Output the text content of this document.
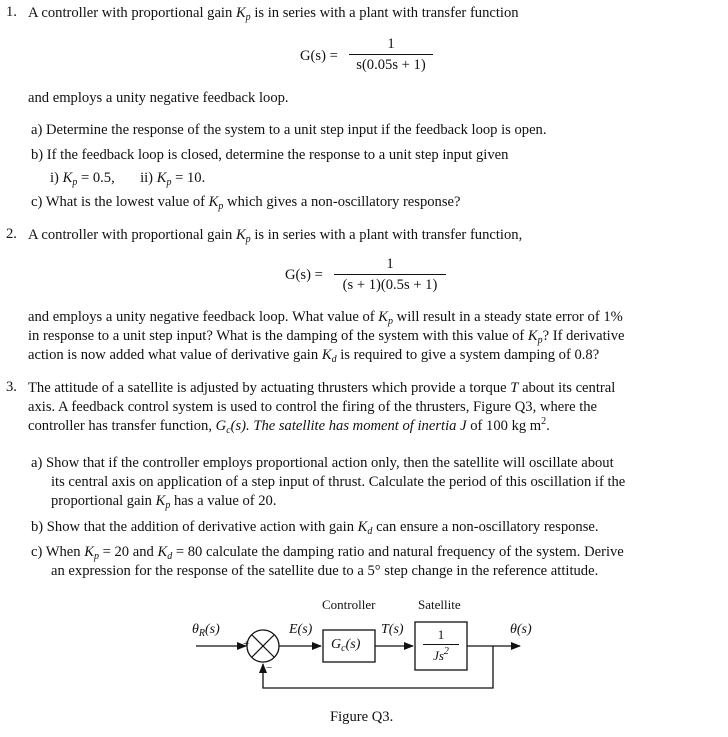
1. A controller with proportional gain $K_p$ is in series with a plant with transfer function
G(s) =
1
s(0.05s + 1)
and employs a unity negative feedback loop.
a) Determine the response of the system to a unit step input if the feedback loop is open.
b) If the feedback loop is closed, determine the response to a unit step input given
i) $K_p = 0.5$, ii) $K_p = 10$.
c) What is the lowest value of $K_p$ which gives a non-oscillatory response?
2. A controller with proportional gain $K_p$ is in series with a plant with transfer function,
G(s) =
1
(s + 1)(0.5s + 1)
and employs a unity negative feedback loop. What value of $K_p$ will result in a steady state error of 1%
in response to a unit step input? What is the damping of the system with this value of $K_p$? If derivative
action is now added what value of derivative gain $K_d$ is required to give a system damping of 0.8?
3. The attitude of a satellite is adjusted by actuating thrusters which provide a torque T about its central
axis. A feedback control system is used to control the firing of the thrusters, Figure Q3, where the
controller has transfer function, $G_c(s)$. The satellite has moment of inertia J of 100 kg $m^2$.
a) Show that if the controller employs proportional action only, then the satellite will oscillate about
its central axis on application of a step input of thrust. Calculate the period of this oscillation if the
proportional gain $K_p$ has a value of 20.
b) Show that the addition of derivative action with gain $K_d$ can ensure a non-oscillatory response.
c) When $K_p = 20$ and $K_d = 80$ calculate the damping ratio and natural frequency of the system. Derive
an expression for the response of the satellite due to a 5° step change in the reference attitude.
Controller	Satellite
$\theta_R(s)$
+
−
E(s)	T(s)
$G_c(s)$
1
Js$^2$
θ(s)
Figure Q3.
